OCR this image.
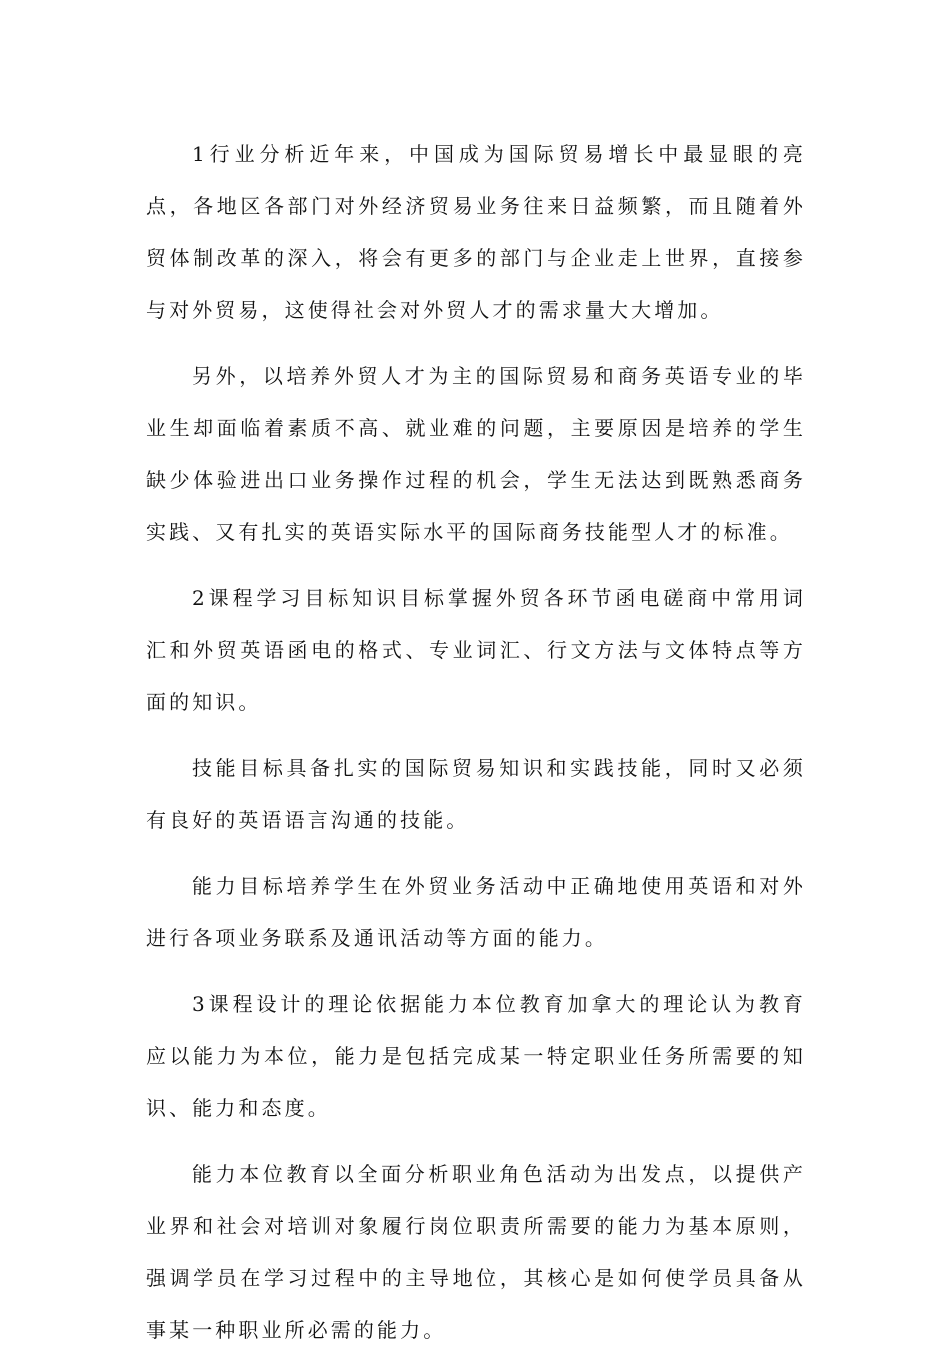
1行业分析近年来，中国成为国际贸易增长中最显眼的亮点，各地区各部门对外经济贸易业务往来日益频繁，而且随着外贸体制改革的深入，将会有更多的部门与企业走上世界，直接参与对外贸易，这使得社会对外贸人才的需求量大大增加。

另外，以培养外贸人才为主的国际贸易和商务英语专业的毕业生却面临着素质不高、就业难的问题，主要原因是培养的学生缺少体验进出口业务操作过程的机会，学生无法达到既熟悉商务实践、又有扎实的英语实际水平的国际商务技能型人才的标准。

2课程学习目标知识目标掌握外贸各环节函电磋商中常用词汇和外贸英语函电的格式、专业词汇、行文方法与文体特点等方面的知识。

技能目标具备扎实的国际贸易知识和实践技能，同时又必须有良好的英语语言沟通的技能。

能力目标培养学生在外贸业务活动中正确地使用英语和对外进行各项业务联系及通讯活动等方面的能力。

3课程设计的理论依据能力本位教育加拿大的理论认为教育应以能力为本位，能力是包括完成某一特定职业任务所需要的知识、能力和态度。

能力本位教育以全面分析职业角色活动为出发点，以提供产业界和社会对培训对象履行岗位职责所需要的能力为基本原则，强调学员在学习过程中的主导地位，其核心是如何使学员具备从事某一种职业所必需的能力。
